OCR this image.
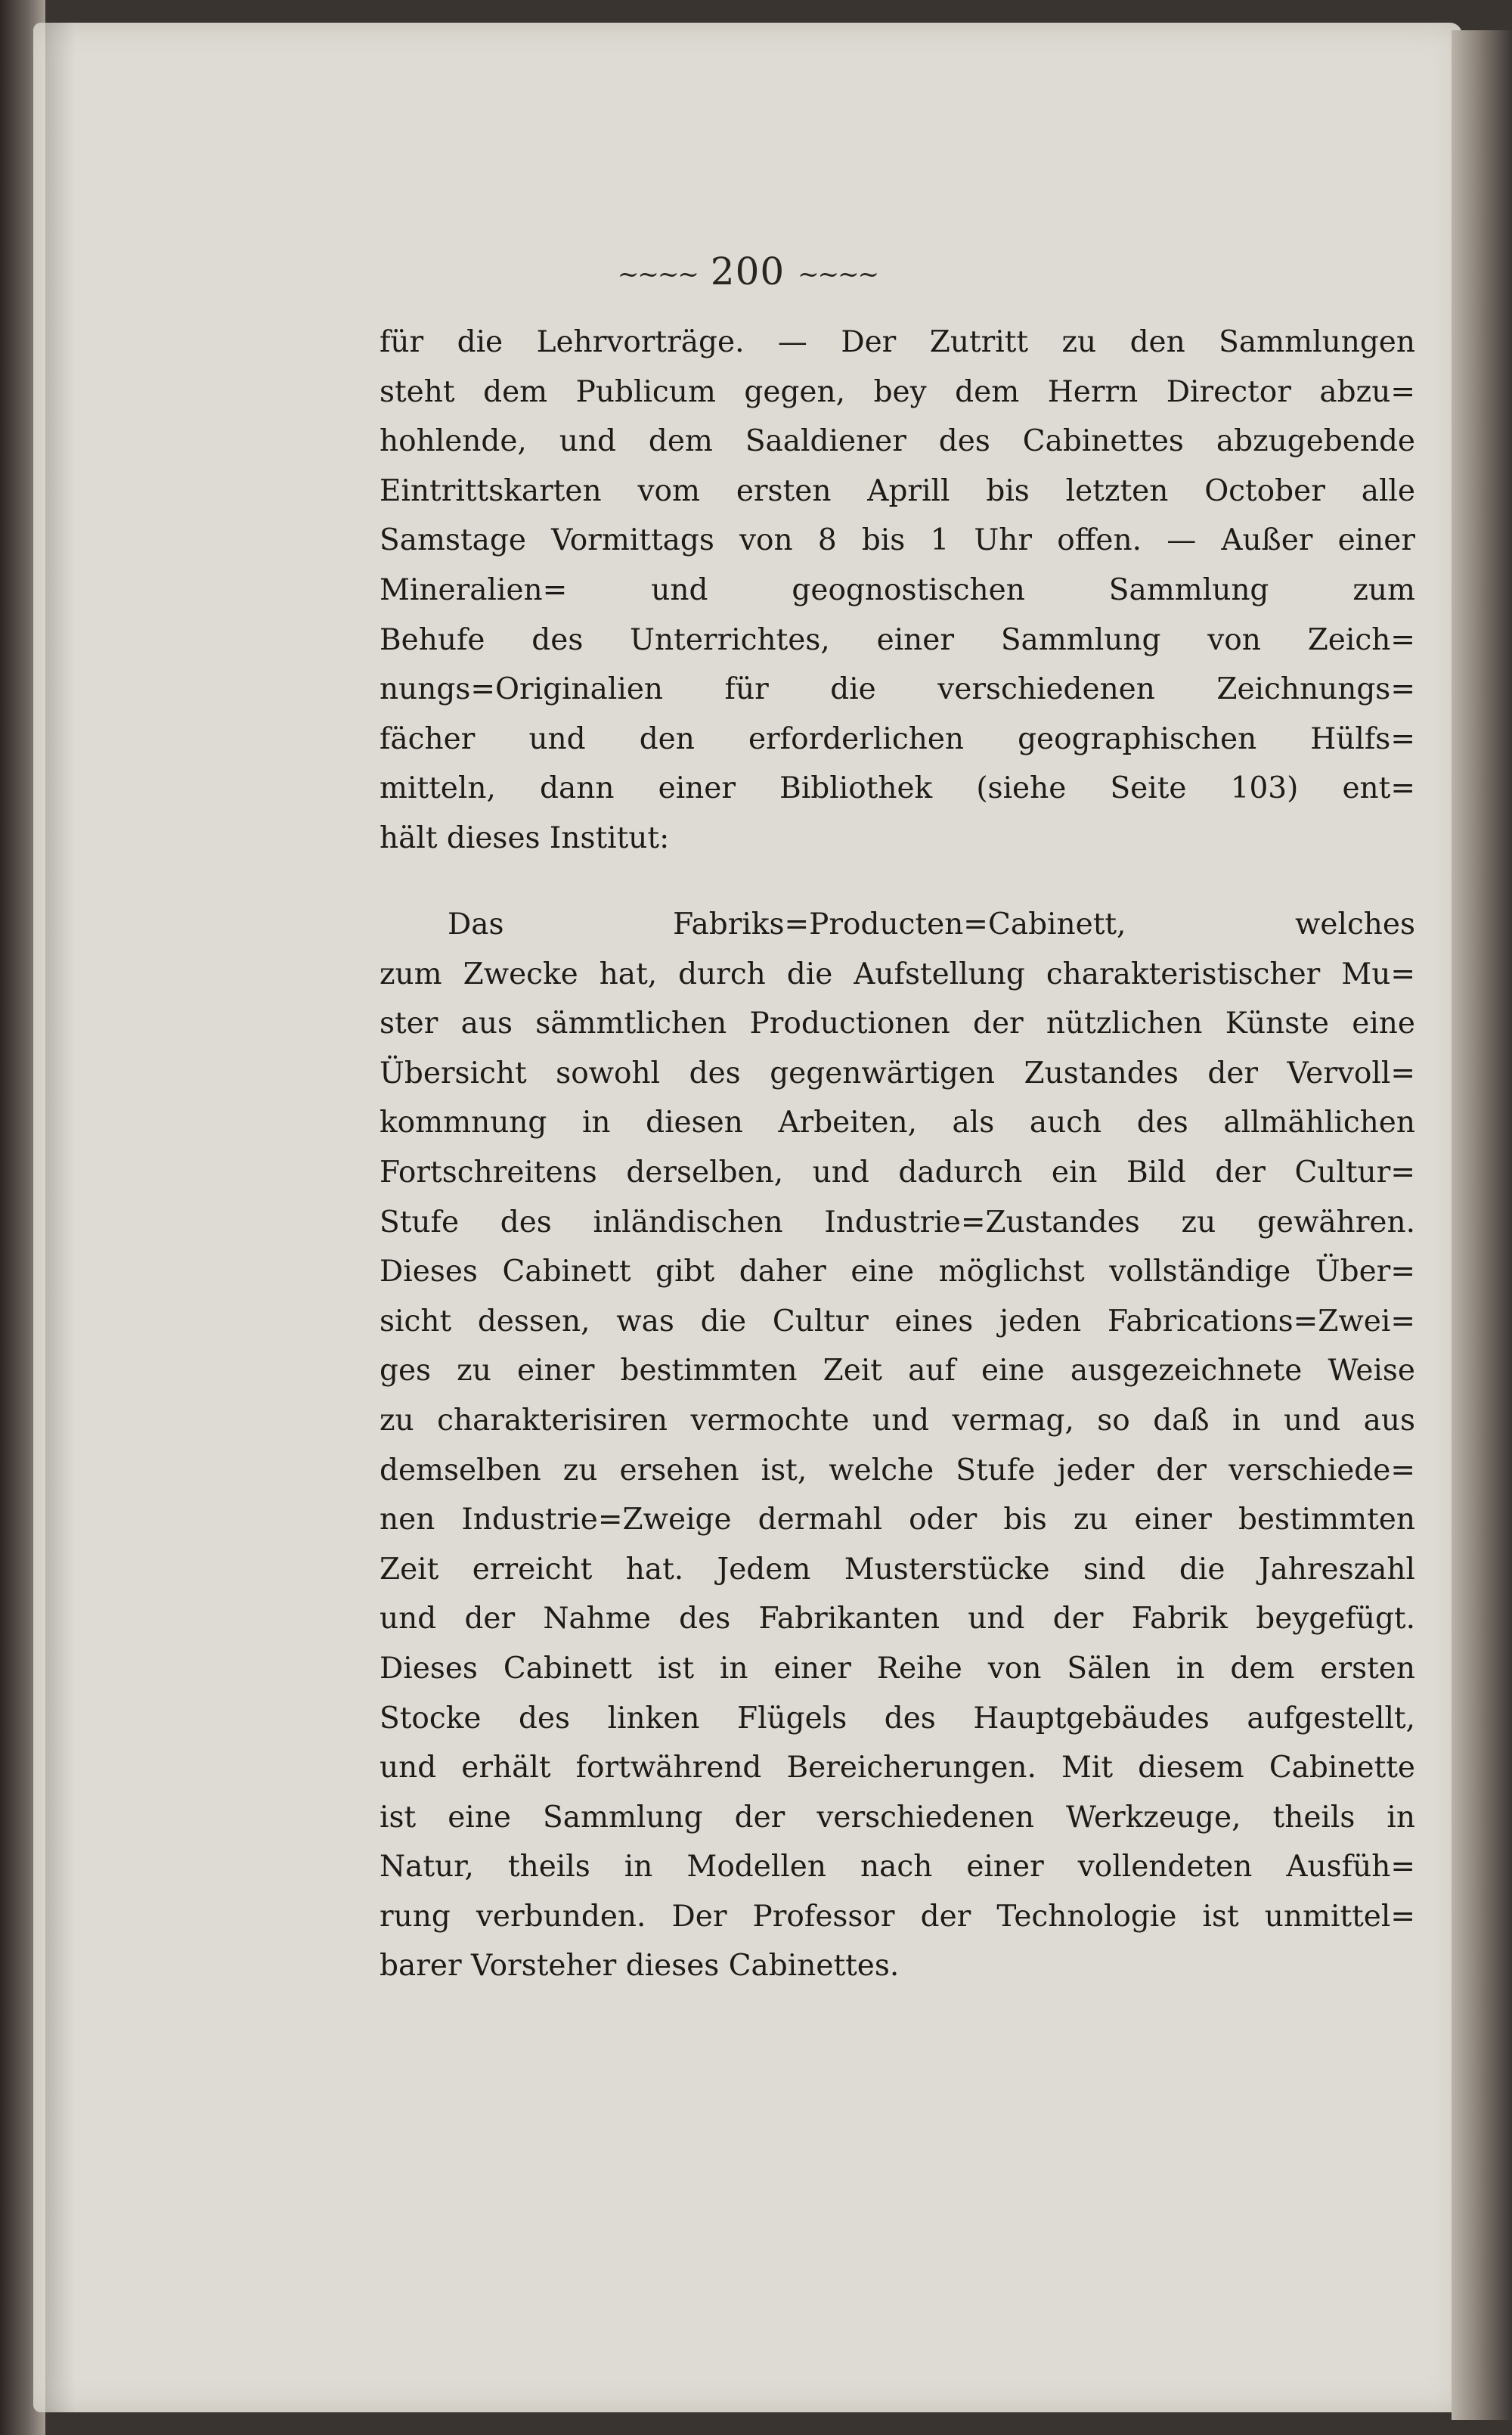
~~~~ 200 ~~~~
für die Lehrvorträge. — Der Zutritt zu den Sammlungen
steht dem Publicum gegen, bey dem Herrn Director abzu=
hohlende, und dem Saaldiener des Cabinettes abzugebende
Eintrittskarten vom ersten Aprill bis letzten October alle
Samstage Vormittags von 8 bis 1 Uhr offen. — Außer einer
Mineralien= und geognostischen Sammlung zum
Behufe des Unterrichtes, einer Sammlung von Zeich=
nungs=Originalien für die verschiedenen Zeichnungs=
fächer und den erforderlichen geographischen Hülfs=
mitteln, dann einer Bibliothek (siehe Seite 103) ent=
hält dieses Institut:
Das Fabriks=Producten=Cabinett, welches
zum Zwecke hat, durch die Aufstellung charakteristischer Mu=
ster aus sämmtlichen Productionen der nützlichen Künste eine
Übersicht sowohl des gegenwärtigen Zustandes der Vervoll=
kommnung in diesen Arbeiten, als auch des allmählichen
Fortschreitens derselben, und dadurch ein Bild der Cultur=
Stufe des inländischen Industrie=Zustandes zu gewähren.
Dieses Cabinett gibt daher eine möglichst vollständige Über=
sicht dessen, was die Cultur eines jeden Fabrications=Zwei=
ges zu einer bestimmten Zeit auf eine ausgezeichnete Weise
zu charakterisiren vermochte und vermag, so daß in und aus
demselben zu ersehen ist, welche Stufe jeder der verschiede=
nen Industrie=Zweige dermahl oder bis zu einer bestimmten
Zeit erreicht hat. Jedem Musterstücke sind die Jahreszahl
und der Nahme des Fabrikanten und der Fabrik beygefügt.
Dieses Cabinett ist in einer Reihe von Sälen in dem ersten
Stocke des linken Flügels des Hauptgebäudes aufgestellt,
und erhält fortwährend Bereicherungen. Mit diesem Cabinette
ist eine Sammlung der verschiedenen Werkzeuge, theils in
Natur, theils in Modellen nach einer vollendeten Ausfüh=
rung verbunden. Der Professor der Technologie ist unmittel=
barer Vorsteher dieses Cabinettes.
